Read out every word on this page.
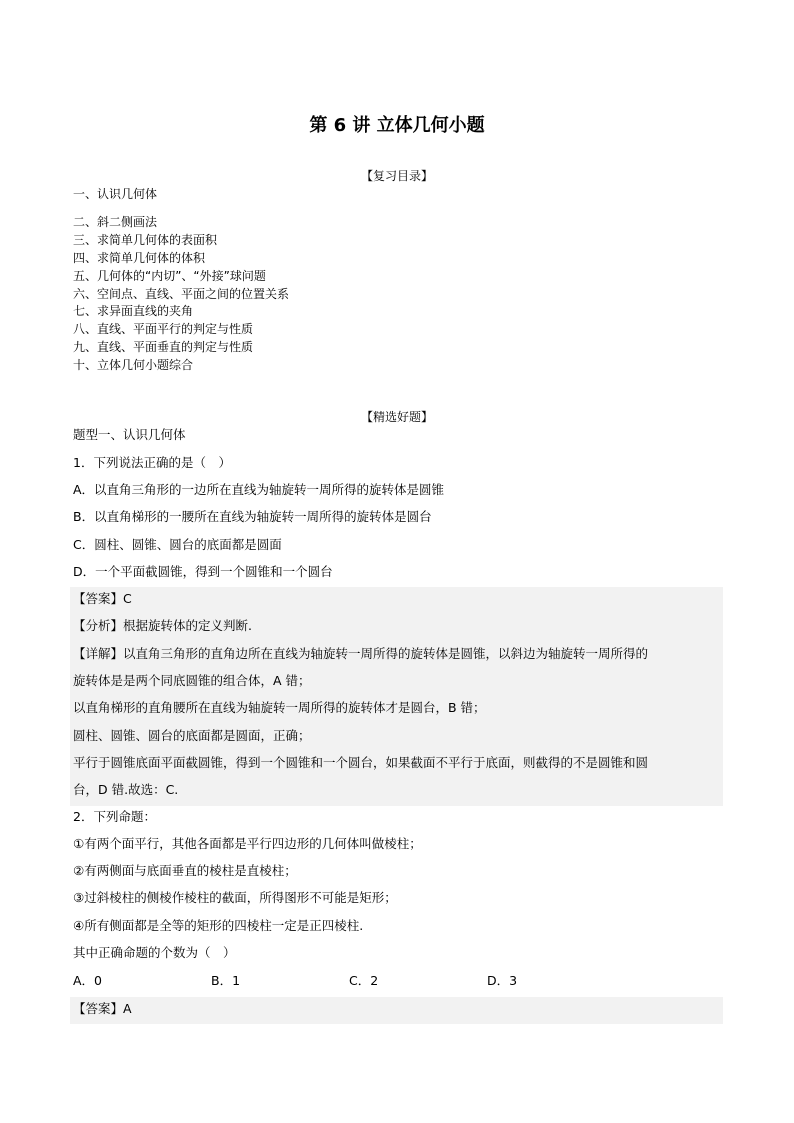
第 6 讲 立体几何小题
【复习目录】
一、认识几何体
二、斜二侧画法
三、求简单几何体的表面积
四、求简单几何体的体积
五、几何体的“内切”、“外接”球问题
六、空间点、直线、平面之间的位置关系
七、求异面直线的夹角
八、直线、平面平行的判定与性质
九、直线、平面垂直的判定与性质
十、立体几何小题综合
【精选好题】
题型一、认识几何体
1．下列说法正确的是（　）
A．以直角三角形的一边所在直线为轴旋转一周所得的旋转体是圆锥
B．以直角梯形的一腰所在直线为轴旋转一周所得的旋转体是圆台
C．圆柱、圆锥、圆台的底面都是圆面
D．一个平面截圆锥，得到一个圆锥和一个圆台
【答案】C
【分析】根据旋转体的定义判断.
【详解】以直角三角形的直角边所在直线为轴旋转一周所得的旋转体是圆锥，以斜边为轴旋转一周所得的
旋转体是是两个同底圆锥的组合体，A 错；
以直角梯形的直角腰所在直线为轴旋转一周所得的旋转体才是圆台，B 错；
圆柱、圆锥、圆台的底面都是圆面，正确；
平行于圆锥底面平面截圆锥，得到一个圆锥和一个圆台，如果截面不平行于底面，则截得的不是圆锥和圆
台，D 错.故选：C.
2．下列命题：
①有两个面平行，其他各面都是平行四边形的几何体叫做棱柱；
②有两侧面与底面垂直的棱柱是直棱柱；
③过斜棱柱的侧棱作棱柱的截面，所得图形不可能是矩形；
④所有侧面都是全等的矩形的四棱柱一定是正四棱柱.
其中正确命题的个数为（　）
A．0	B．1	C．2	D．3
【答案】A
